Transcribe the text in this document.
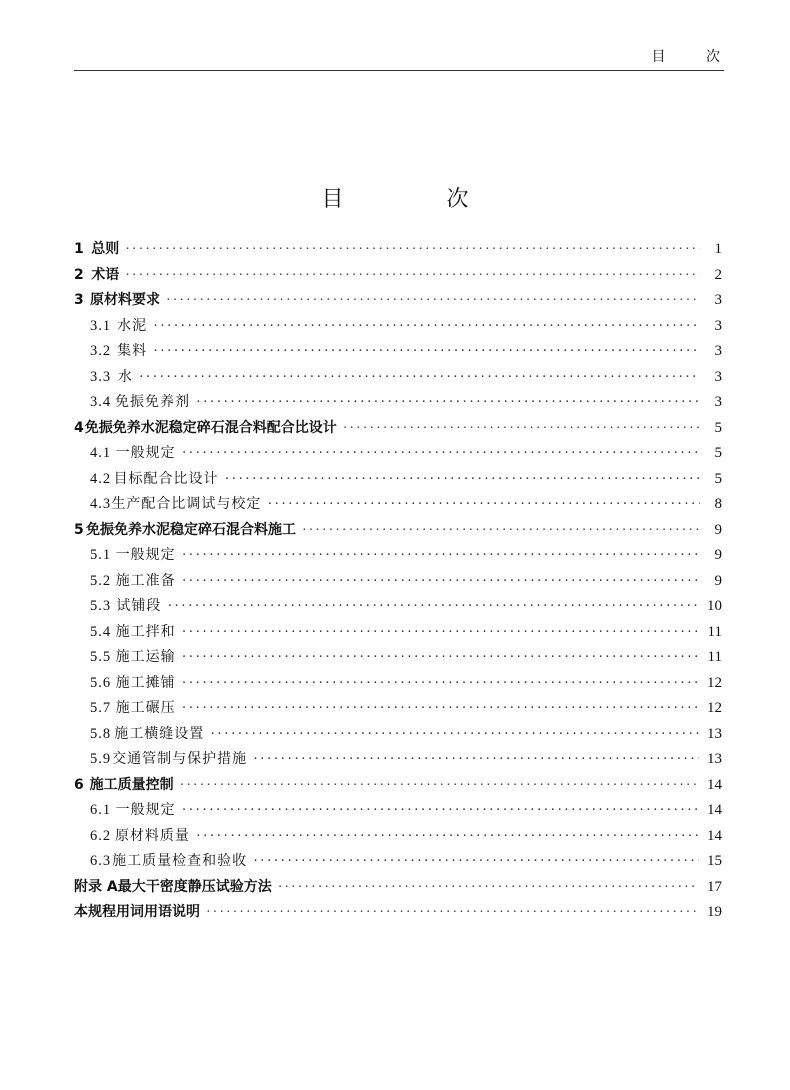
目 次
目 次
1 总则 ·····	1
2 术语 ·····	2
3 原材料要求 ·····	3
3.1 水泥 ·····	3
3.2 集料 ·····	3
3.3 水 ·····	3
3.4 免振免养剂 ·····	3
4 免振免养水泥稳定碎石混合料配合比设计 ·····	5
4.1 一般规定 ·····	5
4.2 目标配合比设计 ·····	5
4.3 生产配合比调试与校定 ·····	8
5 免振免养水泥稳定碎石混合料施工 ·····	9
5.1 一般规定 ·····	9
5.2 施工准备 ·····	9
5.3 试铺段 ·····	10
5.4 施工拌和 ·····	11
5.5 施工运输 ·····	11
5.6 施工摊铺 ·····	12
5.7 施工碾压 ·····	12
5.8 施工横缝设置 ·····	13
5.9 交通管制与保护措施 ·····	13
6 施工质量控制 ·····	14
6.1 一般规定 ·····	14
6.2 原材料质量 ·····	14
6.3 施工质量检查和验收 ·····	15
附录 A 最大干密度静压试验方法 ·····	17
本规程用词用语说明 ·····	19
